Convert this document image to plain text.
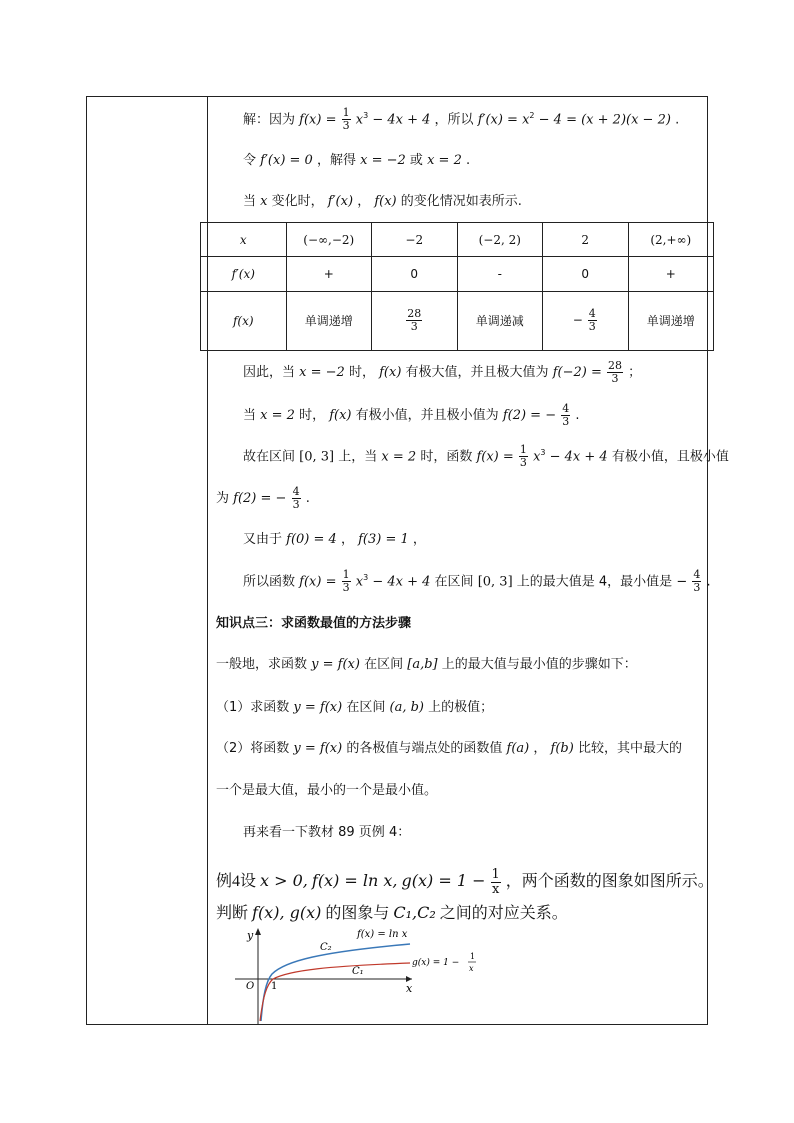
解：因为 $f(x) = \frac{1}{3} x^3 - 4x + 4$ ，所以 $f'(x) = x^2 - 4 = (x + 2)(x - 2)$ .
令 f′(x) = 0 ，解得 x = −2 或 x = 2 .
当 x 变化时， f′(x) ， f(x) 的变化情况如表所示.
x	(−∞,−2)	−2	(−2, 2)	2	(2,+∞)
f′(x)	+	0	-	0	+
f(x)	单调递增	$\frac{28}{3}$	单调递减	− $\frac{4}{3}$	单调递增
因此，当 x = −2 时， f(x) 有极大值，并且极大值为 $f(-2) = \frac{28}{3}$ ；
当 x = 2 时， f(x) 有极小值，并且极小值为 f(2) = − $\frac{4}{3}$ .
故在区间 [0, 3] 上，当 x = 2 时，函数 $f(x) = \frac{1}{3} x^3 - 4x + 4$ 有极小值，且极小值
为 f(2) = − $\frac{4}{3}$ .
又由于 f(0) = 4 ， f(3) = 1 ，
所以函数 $f(x) = \frac{1}{3} x^3 - 4x + 4$ 在区间 [0, 3] 上的最大值是 4，最小值是 − $\frac{4}{3}$ .
知识点三：求函数最值的方法步骤
一般地，求函数 y = f(x) 在区间 [a,b] 上的最大值与最小值的步骤如下：
（1）求函数 y = f(x) 在区间 (a, b) 上的极值；
（2）将函数 y = f(x) 的各极值与端点处的函数值 f(a) ， f(b) 比较，其中最大的
一个是最大值，最小的一个是最小值。
再来看一下教材 89 页例 4：
例4设 x > 0, f(x) = ln x, $g(x) = 1 - \frac{1}{x}$ ，两个函数的图象如图所示。
判断 f(x), g(x) 的图象与 C₁,C₂ 之间的对应关系。
y
x
O 1
C₂
C₁
f(x) = ln x
g(x) = 1 −
1
x
